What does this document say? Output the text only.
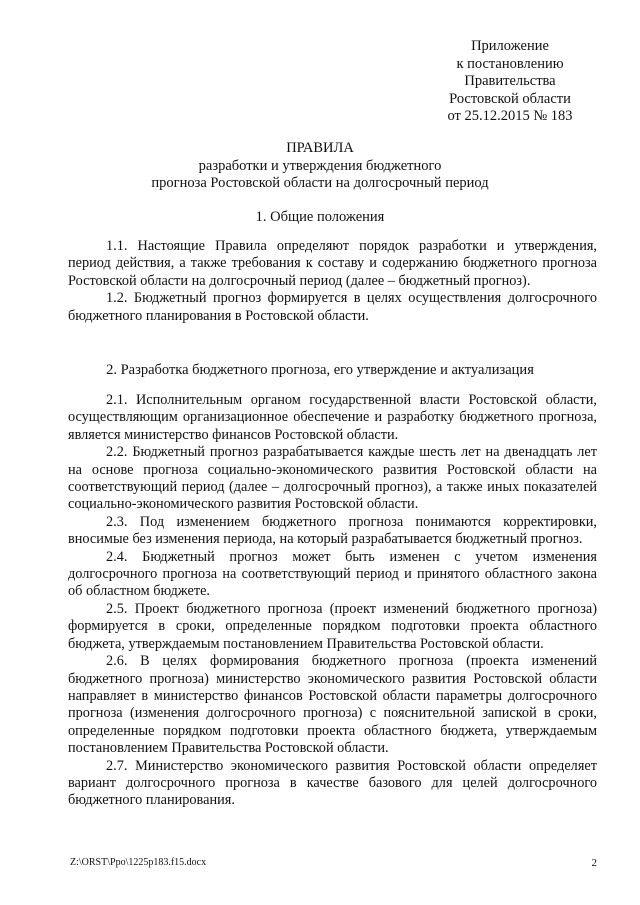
Приложение
к постановлению
Правительства
Ростовской области
от 25.12.2015 № 183
ПРАВИЛА
разработки и утверждения бюджетного
прогноза Ростовской области на долгосрочный период
1. Общие положения

1.1. Настоящие Правила определяют порядок разработки и утверждения, период действия, а также требования к составу и содержанию бюджетного прогноза Ростовской области на долгосрочный период (далее – бюджетный прогноз).

1.2. Бюджетный прогноз формируется в целях осуществления долгосрочного бюджетного планирования в Ростовской области.

2. Разработка бюджетного прогноза, его утверждение и актуализация

2.1. Исполнительным органом государственной власти Ростовской области, осуществляющим организационное обеспечение и разработку бюджетного прогноза, является министерство финансов Ростовской области.

2.2. Бюджетный прогноз разрабатывается каждые шесть лет на двенадцать лет на основе прогноза социально-экономического развития Ростовской области на соответствующий период (далее – долгосрочный прогноз), а также иных показателей социально-экономического развития Ростовской области.

2.3. Под изменением бюджетного прогноза понимаются корректировки, вносимые без изменения периода, на который разрабатывается бюджетный прогноз.

2.4. Бюджетный прогноз может быть изменен с учетом изменения долгосрочного прогноза на соответствующий период и принятого областного закона об областном бюджете.

2.5. Проект бюджетного прогноза (проект изменений бюджетного прогноза) формируется в сроки, определенные порядком подготовки проекта областного бюджета, утверждаемым постановлением Правительства Ростовской области.

2.6. В целях формирования бюджетного прогноза (проекта изменений бюджетного прогноза) министерство экономического развития Ростовской области направляет в министерство финансов Ростовской области параметры долгосрочного прогноза (изменения долгосрочного прогноза) с пояснительной запиской в сроки, определенные порядком подготовки проекта областного бюджета, утверждаемым постановлением Правительства Ростовской области.

2.7. Министерство экономического развития Ростовской области определяет вариант долгосрочного прогноза в качестве базового для целей долгосрочного бюджетного планирования.

Z:\ORST\Ppo\1225p183.f15.docx	2
